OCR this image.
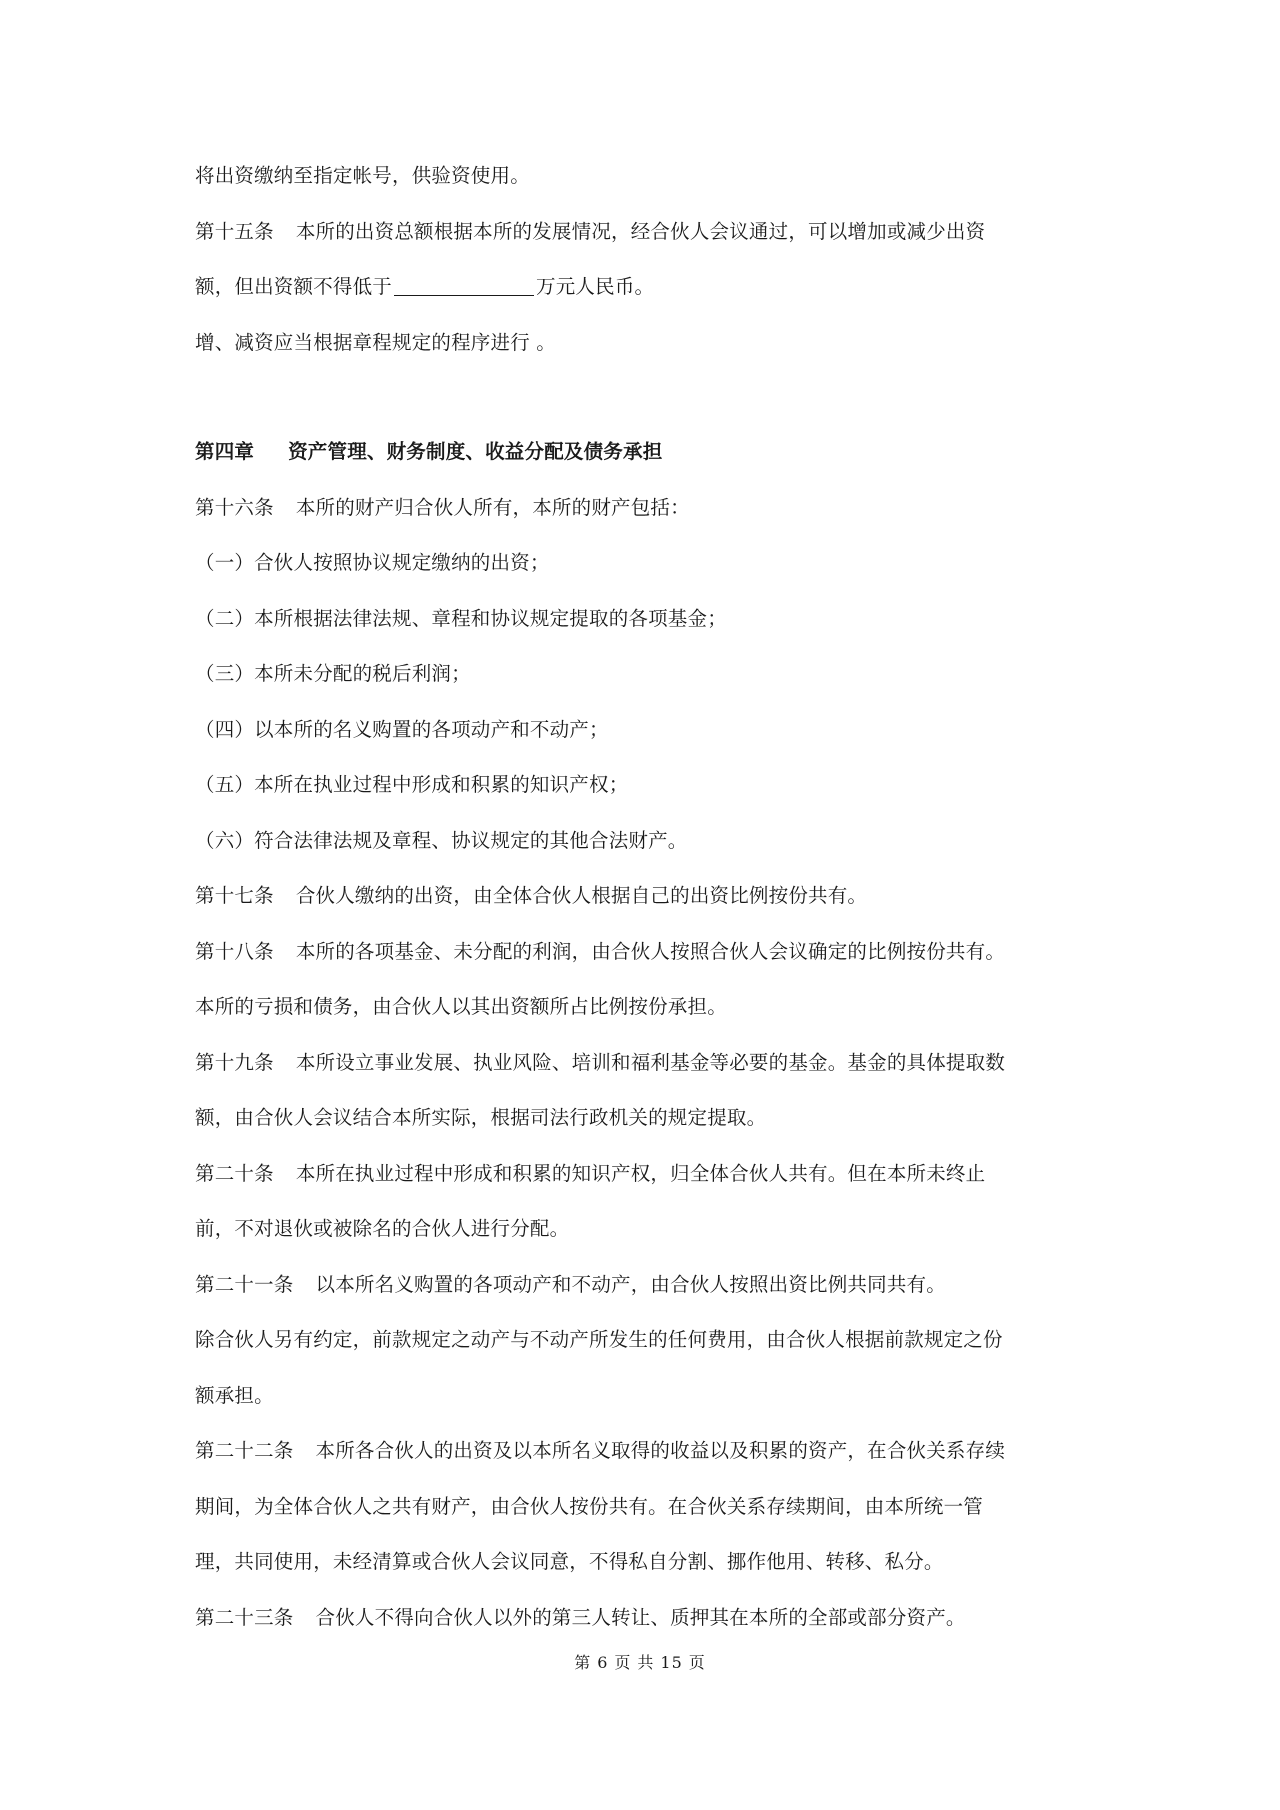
将出资缴纳至指定帐号，供验资使用。
第十五条 本所的出资总额根据本所的发展情况，经合伙人会议通过，可以增加或减少出资
额，但出资额不得低于	万元人民币。
增、减资应当根据章程规定的程序进行 。
第四章 资产管理、财务制度、收益分配及债务承担
第十六条 本所的财产归合伙人所有，本所的财产包括：
（一）合伙人按照协议规定缴纳的出资；
（二）本所根据法律法规、章程和协议规定提取的各项基金；
（三）本所未分配的税后利润；
（四）以本所的名义购置的各项动产和不动产；
（五）本所在执业过程中形成和积累的知识产权；
（六）符合法律法规及章程、协议规定的其他合法财产。
第十七条 合伙人缴纳的出资，由全体合伙人根据自己的出资比例按份共有。
第十八条 本所的各项基金、未分配的利润，由合伙人按照合伙人会议确定的比例按份共有。
本所的亏损和债务，由合伙人以其出资额所占比例按份承担。
第十九条 本所设立事业发展、执业风险、培训和福利基金等必要的基金。基金的具体提取数
额，由合伙人会议结合本所实际，根据司法行政机关的规定提取。
第二十条 本所在执业过程中形成和积累的知识产权，归全体合伙人共有。但在本所未终止
前，不对退伙或被除名的合伙人进行分配。
第二十一条 以本所名义购置的各项动产和不动产，由合伙人按照出资比例共同共有。
除合伙人另有约定，前款规定之动产与不动产所发生的任何费用，由合伙人根据前款规定之份
额承担。
第二十二条 本所各合伙人的出资及以本所名义取得的收益以及积累的资产，在合伙关系存续
期间，为全体合伙人之共有财产，由合伙人按份共有。在合伙关系存续期间，由本所统一管
理，共同使用，未经清算或合伙人会议同意，不得私自分割、挪作他用、转移、私分。
第二十三条 合伙人不得向合伙人以外的第三人转让、质押其在本所的全部或部分资产。
第 6 页 共 15 页
